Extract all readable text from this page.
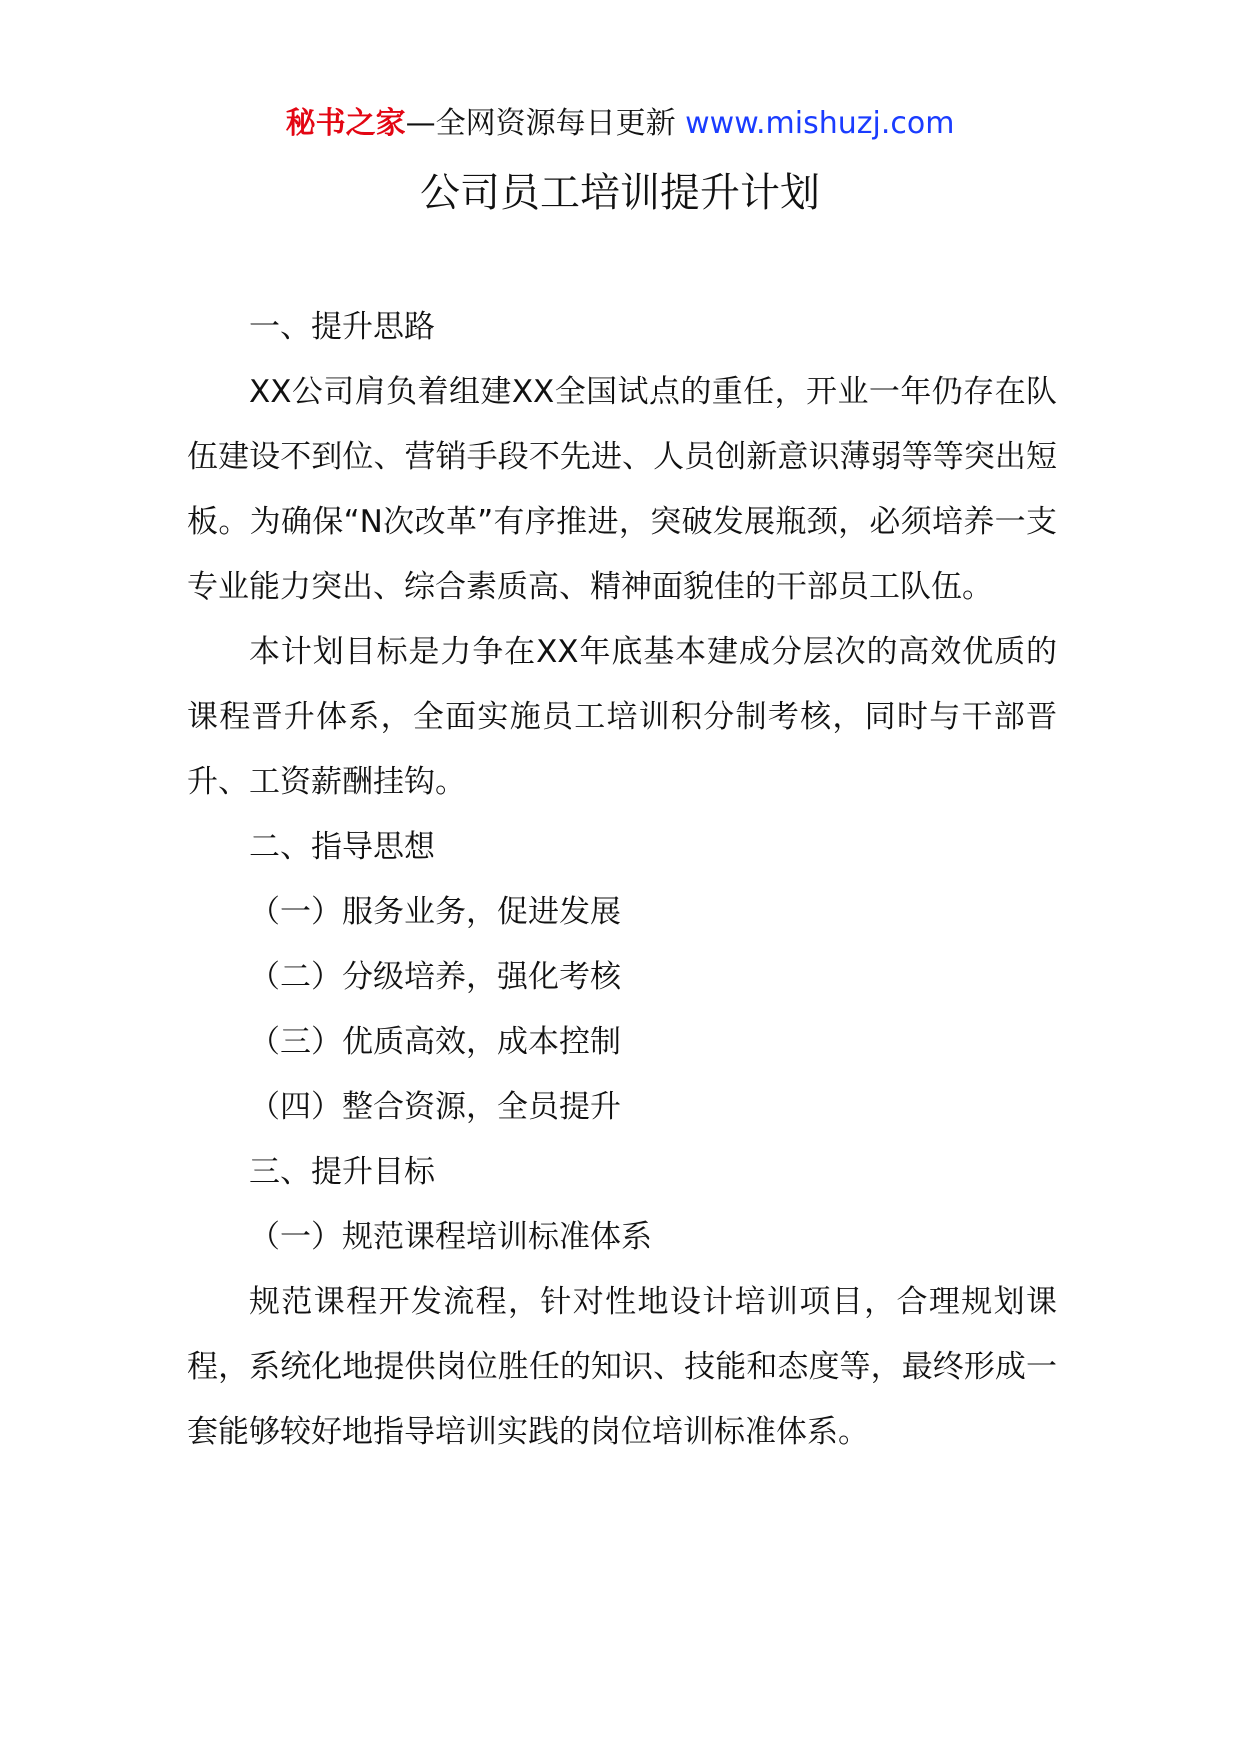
秘书之家—全网资源每日更新 www.mishuzj.com
公司员工培训提升计划

一、提升思路

XX公司肩负着组建XX全国试点的重任，开业一年仍存在队伍建设不到位、营销手段不先进、人员创新意识薄弱等等突出短板。为确保“N次改革”有序推进，突破发展瓶颈，必须培养一支专业能力突出、综合素质高、精神面貌佳的干部员工队伍。

本计划目标是力争在XX年底基本建成分层次的高效优质的课程晋升体系，全面实施员工培训积分制考核，同时与干部晋升、工资薪酬挂钩。

二、指导思想

（一）服务业务，促进发展

（二）分级培养，强化考核

（三）优质高效，成本控制

（四）整合资源，全员提升

三、提升目标

（一）规范课程培训标准体系

规范课程开发流程，针对性地设计培训项目，合理规划课程，系统化地提供岗位胜任的知识、技能和态度等，最终形成一套能够较好地指导培训实践的岗位培训标准体系。
